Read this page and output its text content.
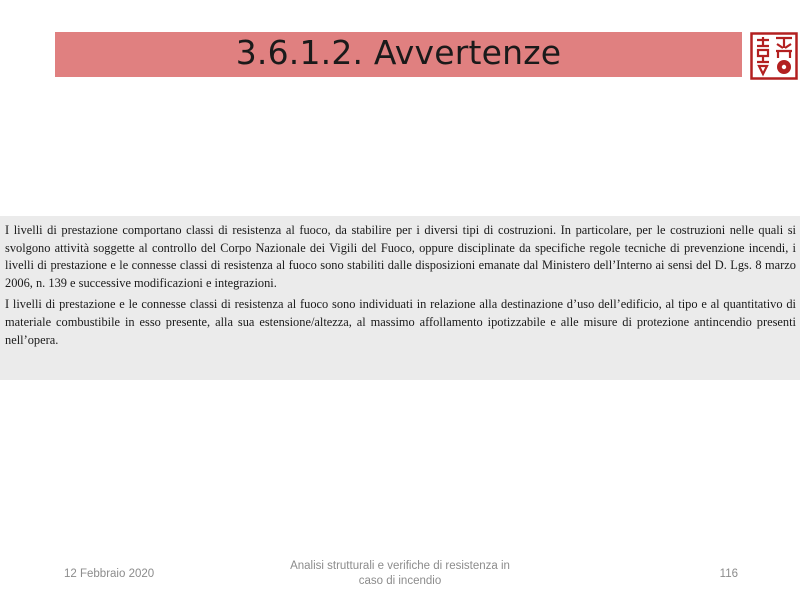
3.6.1.2. Avvertenze

I livelli di prestazione comportano classi di resistenza al fuoco, da stabilire per i diversi tipi di costruzioni. In particolare, per le costruzioni nelle quali si svolgono attività soggette al controllo del Corpo Nazionale dei Vigili del Fuoco, oppure disciplinate da specifiche regole tecniche di prevenzione incendi, i livelli di prestazione e le connesse classi di resistenza al fuoco sono stabiliti dalle disposizioni emanate dal Ministero dell’Interno ai sensi del D. Lgs. 8 marzo 2006, n. 139 e successive modificazioni e integrazioni.

I livelli di prestazione e le connesse classi di resistenza al fuoco sono individuati in relazione alla destinazione d’uso dell’edificio, al tipo e al quantitativo di materiale combustibile in esso presente, alla sua estensione/altezza, al massimo affollamento ipotizzabile e alle misure di protezione antincendio presenti nell’opera.

12 Febbraio 2020
Analisi strutturali e verifiche di resistenza in
caso di incendio
116
